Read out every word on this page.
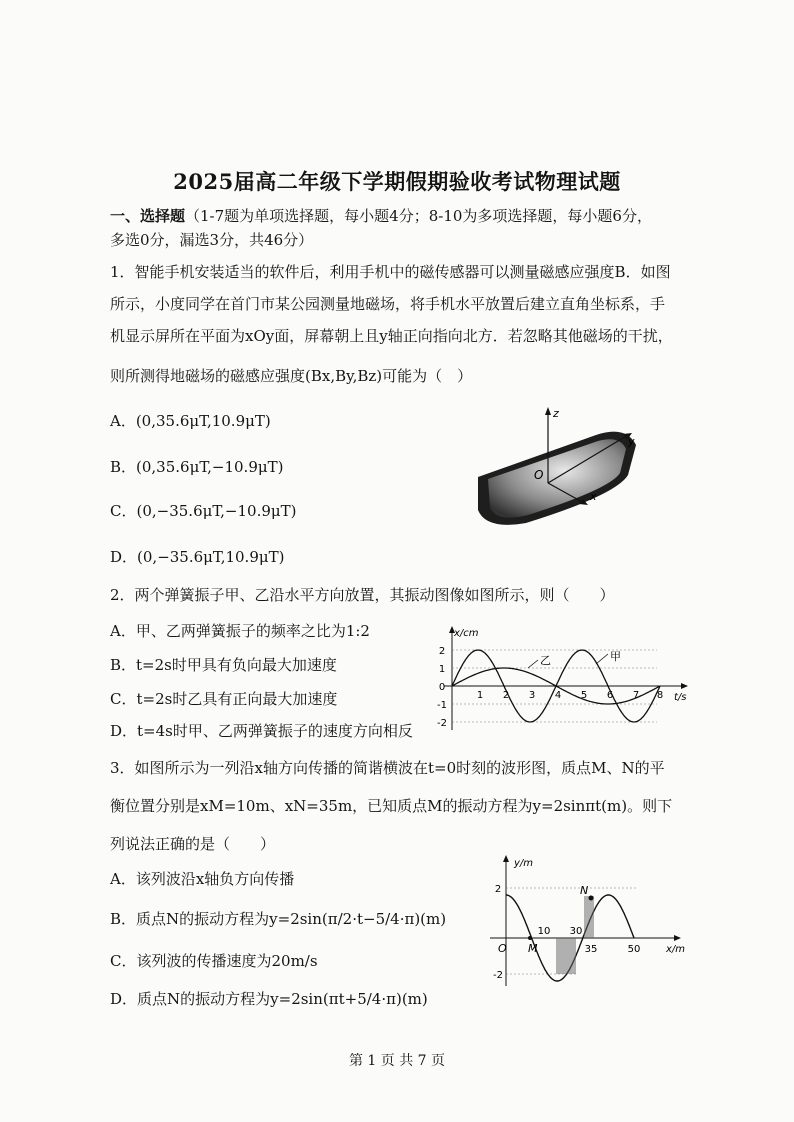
2025届高二年级下学期假期验收考试物理试题
一、选择题（1-7题为单项选择题，每小题4分；8-10为多项选择题，每小题6分，
多选0分，漏选3分，共46分）
1．智能手机安装适当的软件后，利用手机中的磁传感器可以测量磁感应强度B．如图
所示，小度同学在首门市某公园测量地磁场，将手机水平放置后建立直角坐标系，手
机显示屏所在平面为xOy面，屏幕朝上且y轴正向指向北方．若忽略其他磁场的干扰，
则所测得地磁场的磁感应强度(Bx,By,Bz)可能为（　）
A．(0,35.6μT,10.9μT)
B．(0,35.6μT,−10.9μT)
C．(0,−35.6μT,−10.9μT)
D．(0,−35.6μT,10.9μT)
z
y
x
O
2．两个弹簧振子甲、乙沿水平方向放置，其振动图像如图所示，则（　　）
A．甲、乙两弹簧振子的频率之比为1:2
B．t=2s时甲具有负向最大加速度
C．t=2s时乙具有正向最大加速度
D．t=4s时甲、乙两弹簧振子的速度方向相反
x/cm
t/s
2
1
0
-1
-2
1 2 3 4 5 6 7 8
甲
乙
3．如图所示为一列沿x轴方向传播的简谐横波在t=0时刻的波形图，质点M、N的平
衡位置分别是xM=10m、xN=35m，已知质点M的振动方程为y=2sinπt(m)。则下
列说法正确的是（　　）
A．该列波沿x轴负方向传播
B．质点N的振动方程为y=2sin(π/2·t−5/4·π)(m)
C．该列波的传播速度为20m/s
D．质点N的振动方程为y=2sin(πt+5/4·π)(m)
y/m
x/m
2
-2
O M
N
10 30
35	50
第 1 页 共 7 页
